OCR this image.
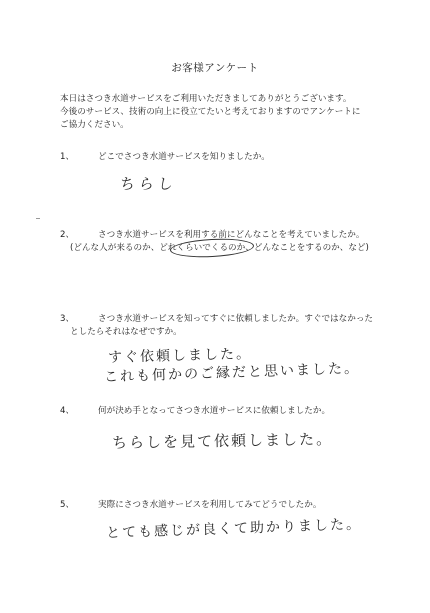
お客様アンケート
本日はさつき水道サービスをご利用いただきましてありがとうございます。
今後のサービス、技術の向上に役立てたいと考えておりますのでアンケートに
ご協力ください。
1、	どこでさつき水道サービスを知りましたか。
ちらし
2、	さつき水道サービスを利用する前にどんなことを考えていましたか。
(どんな人が来るのか、どれくらいでくるのか、どんなことをするのか、など)
3、	さつき水道サービスを知ってすぐに依頼しましたか。すぐではなかった
としたらそれはなぜですか。
すぐ依頼しました。
これも何かのご縁だと思いました。
4、	何が決め手となってさつき水道サービスに依頼しましたか。
ちらしを見て依頼しました。
5、	実際にさつき水道サービスを利用してみてどうでしたか。
とても感じが良くて助かりました。
